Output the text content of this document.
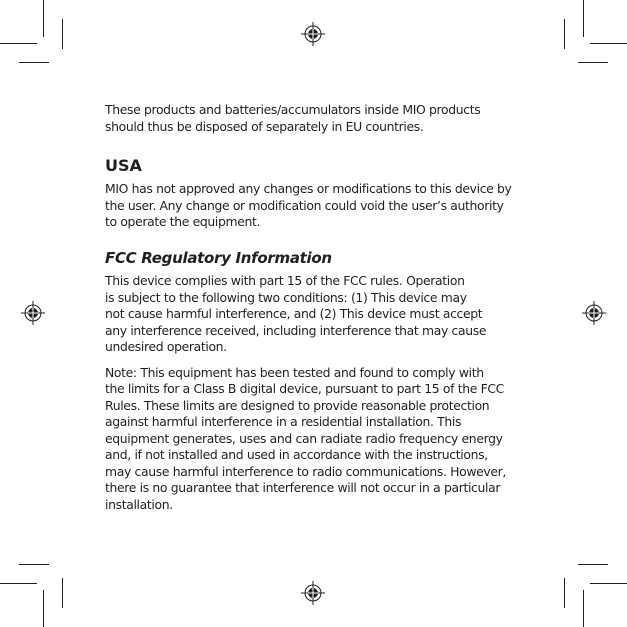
These products and batteries/accumulators inside MIO products
should thus be disposed of separately in EU countries.
USA
MIO has not approved any changes or modifications to this device by
the user. Any change or modification could void the user’s authority
to operate the equipment.
FCC Regulatory Information
This device complies with part 15 of the FCC rules. Operation
is subject to the following two conditions: (1) This device may
not cause harmful interference, and (2) This device must accept
any interference received, including interference that may cause
undesired operation.
Note: This equipment has been tested and found to comply with
the limits for a Class B digital device, pursuant to part 15 of the FCC
Rules. These limits are designed to provide reasonable protection
against harmful interference in a residential installation. This
equipment generates, uses and can radiate radio frequency energy
and, if not installed and used in accordance with the instructions,
may cause harmful interference to radio communications. However,
there is no guarantee that interference will not occur in a particular
installation.
